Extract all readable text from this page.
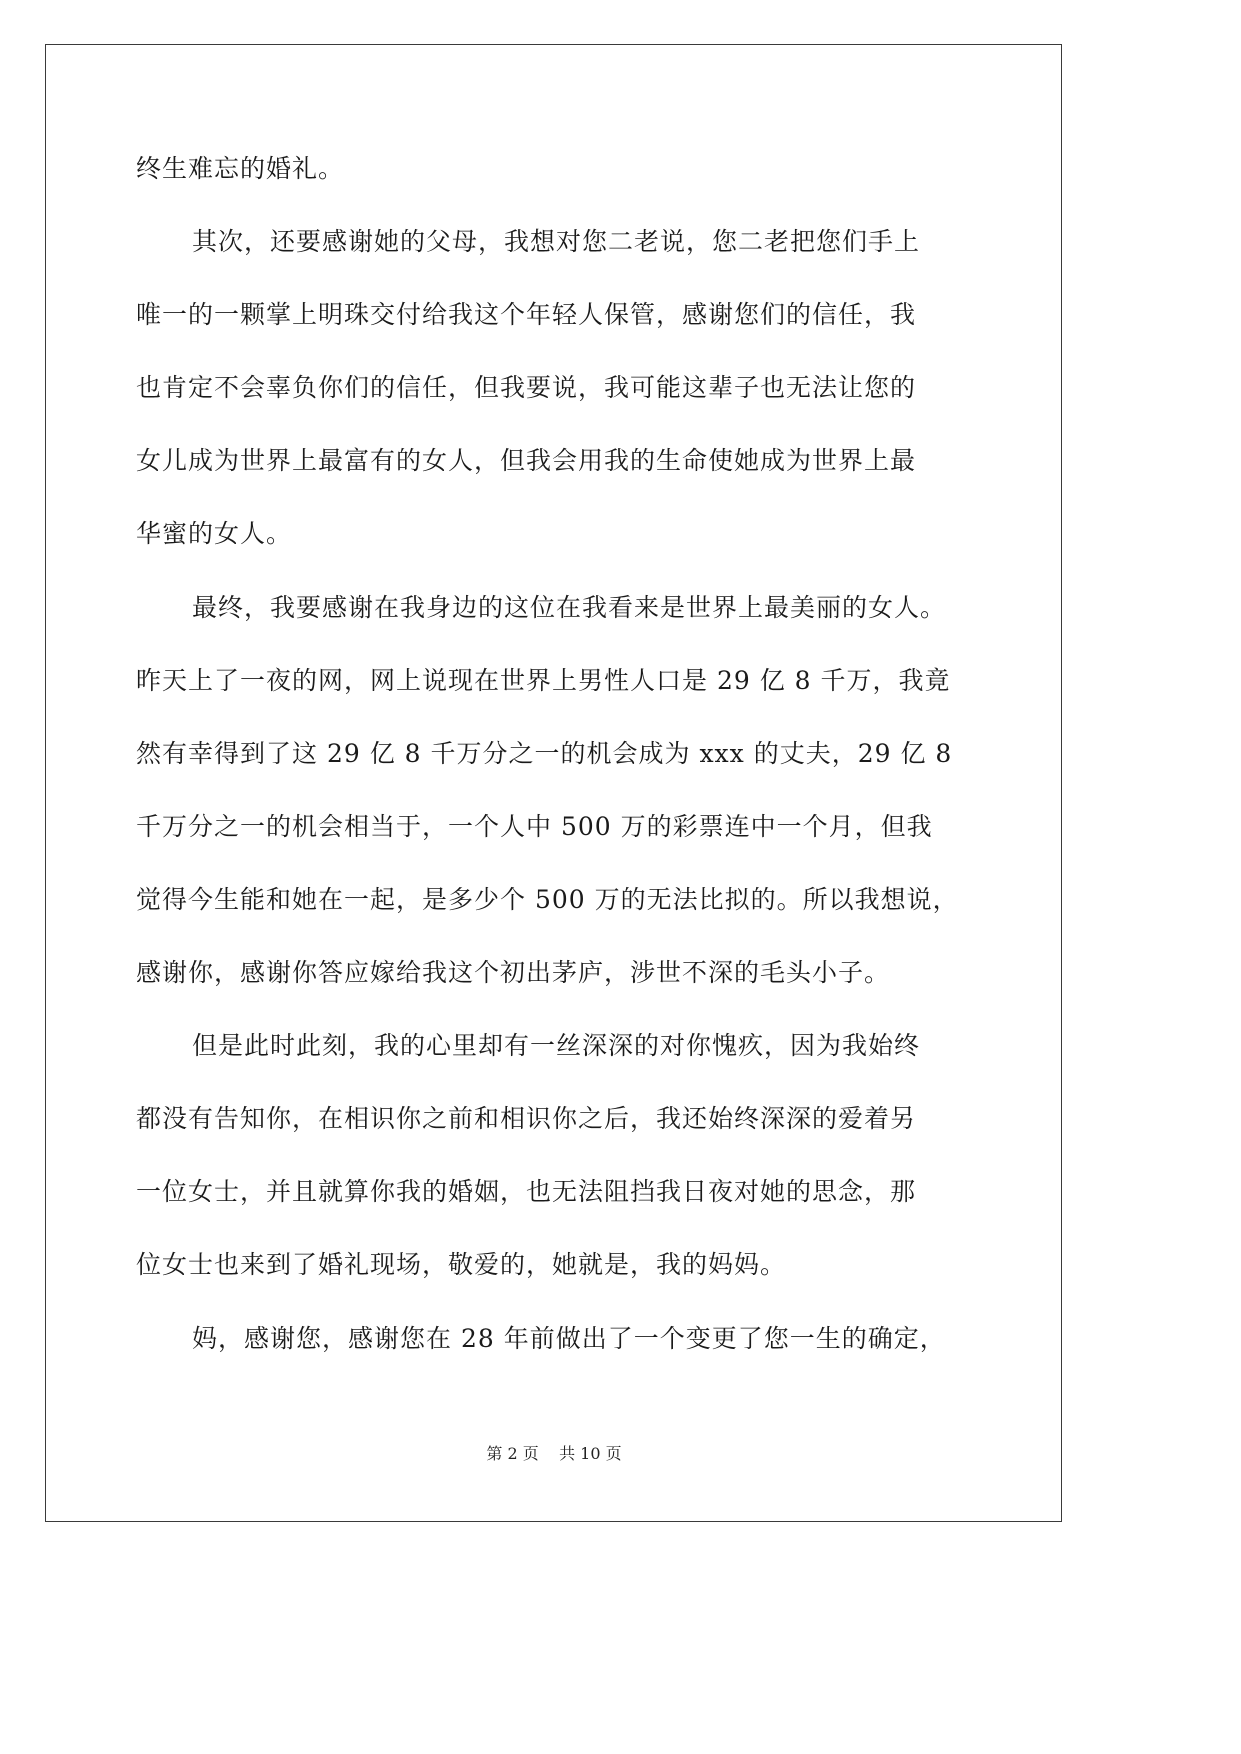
终生难忘的婚礼。
其次，还要感谢她的父母，我想对您二老说，您二老把您们手上
唯一的一颗掌上明珠交付给我这个年轻人保管，感谢您们的信任，我
也肯定不会辜负你们的信任，但我要说，我可能这辈子也无法让您的
女儿成为世界上最富有的女人，但我会用我的生命使她成为世界上最
华蜜的女人。
最终，我要感谢在我身边的这位在我看来是世界上最美丽的女人。
昨天上了一夜的网，网上说现在世界上男性人口是 29 亿 8 千万，我竟
然有幸得到了这 29 亿 8 千万分之一的机会成为 xxx 的丈夫，29 亿 8
千万分之一的机会相当于，一个人中 500 万的彩票连中一个月，但我
觉得今生能和她在一起，是多少个 500 万的无法比拟的。所以我想说，
感谢你，感谢你答应嫁给我这个初出茅庐，涉世不深的毛头小子。
但是此时此刻，我的心里却有一丝深深的对你愧疚，因为我始终
都没有告知你，在相识你之前和相识你之后，我还始终深深的爱着另
一位女士，并且就算你我的婚姻，也无法阻挡我日夜对她的思念，那
位女士也来到了婚礼现场，敬爱的，她就是，我的妈妈。
妈，感谢您，感谢您在 28 年前做出了一个变更了您一生的确定，
第 2 页    共 10 页
